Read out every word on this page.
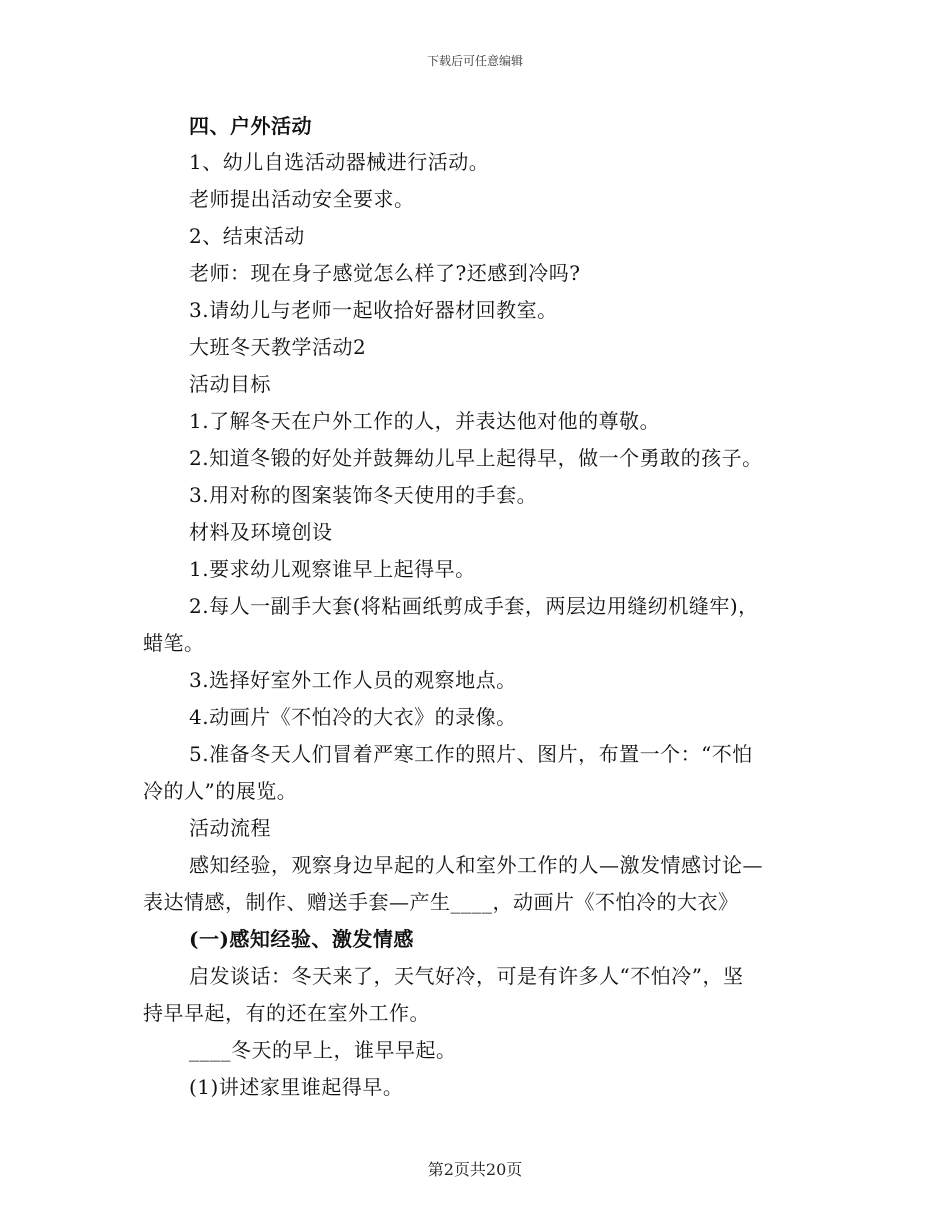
下载后可任意编辑
四、户外活动
1、幼儿自选活动器械进行活动。
老师提出活动安全要求。
2、结束活动
老师：现在身子感觉怎么样了?还感到冷吗?
3.请幼儿与老师一起收拾好器材回教室。
大班冬天教学活动2
活动目标
1.了解冬天在户外工作的人，并表达他对他的尊敬。
2.知道冬锻的好处并鼓舞幼儿早上起得早，做一个勇敢的孩子。
3.用对称的图案装饰冬天使用的手套。
材料及环境创设
1.要求幼儿观察谁早上起得早。
2.每人一副手大套(将粘画纸剪成手套，两层边用缝纫机缝牢)，
蜡笔。
3.选择好室外工作人员的观察地点。
4.动画片《不怕冷的大衣》的录像。
5.准备冬天人们冒着严寒工作的照片、图片，布置一个：“不怕
冷的人”的展览。
活动流程
感知经验，观察身边早起的人和室外工作的人—激发情感讨论—
表达情感，制作、赠送手套—产生____，动画片《不怕冷的大衣》
(一)感知经验、激发情感
启发谈话：冬天来了，天气好冷，可是有许多人“不怕冷”，坚
持早早起，有的还在室外工作。
____冬天的早上，谁早早起。
(1)讲述家里谁起得早。
第2页共20页
